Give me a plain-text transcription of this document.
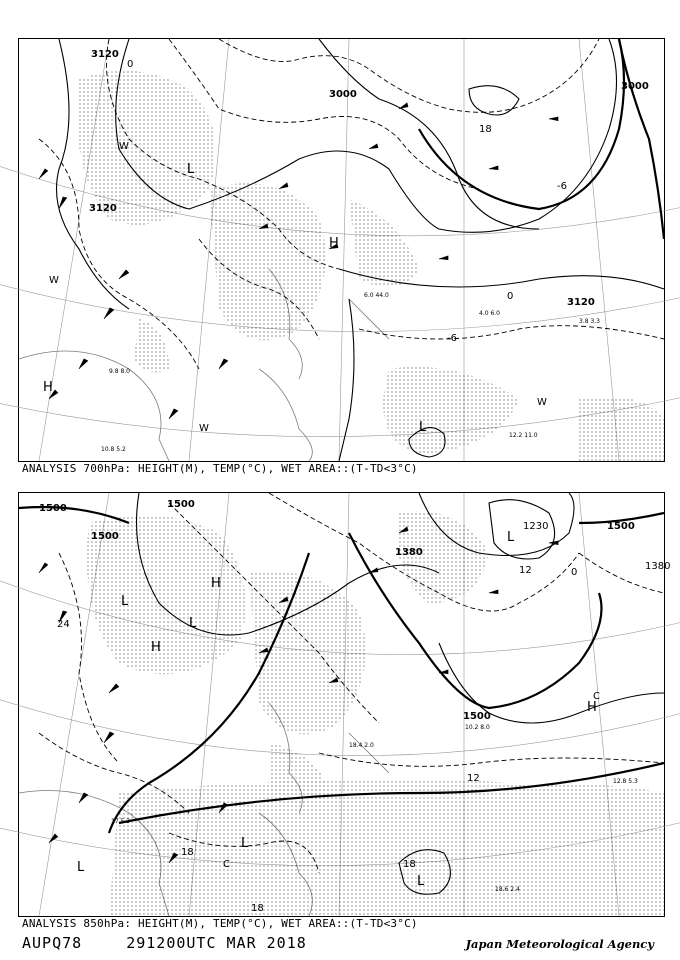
3120
3000
3120
3120
3000
0
-6
18
0
-6
L
H
H
L
W
W
W
W
12.2 11.0
3.8 3.3
4.0 6.0
6.0 44.0
9.8 8.0
10.8 5.2
ANALYSIS 700hPa: HEIGHT(M), TEMP(°C), WET AREA::(T-TD<3°C)
1500	1500
1500
1380
1500
1380
1230
1500
24
12
12
18
18
18
0
L
H
H
L
H
L
L
L
L
C
C
18.4 2.0
12.8 5.3
18.6 2.4
10.2 8.0
17 5.2
ANALYSIS 850hPa: HEIGHT(M), TEMP(°C), WET AREA::(T-TD<3°C)
AUPQ78	291200UTC MAR 2018	Japan Meteorological Agency
